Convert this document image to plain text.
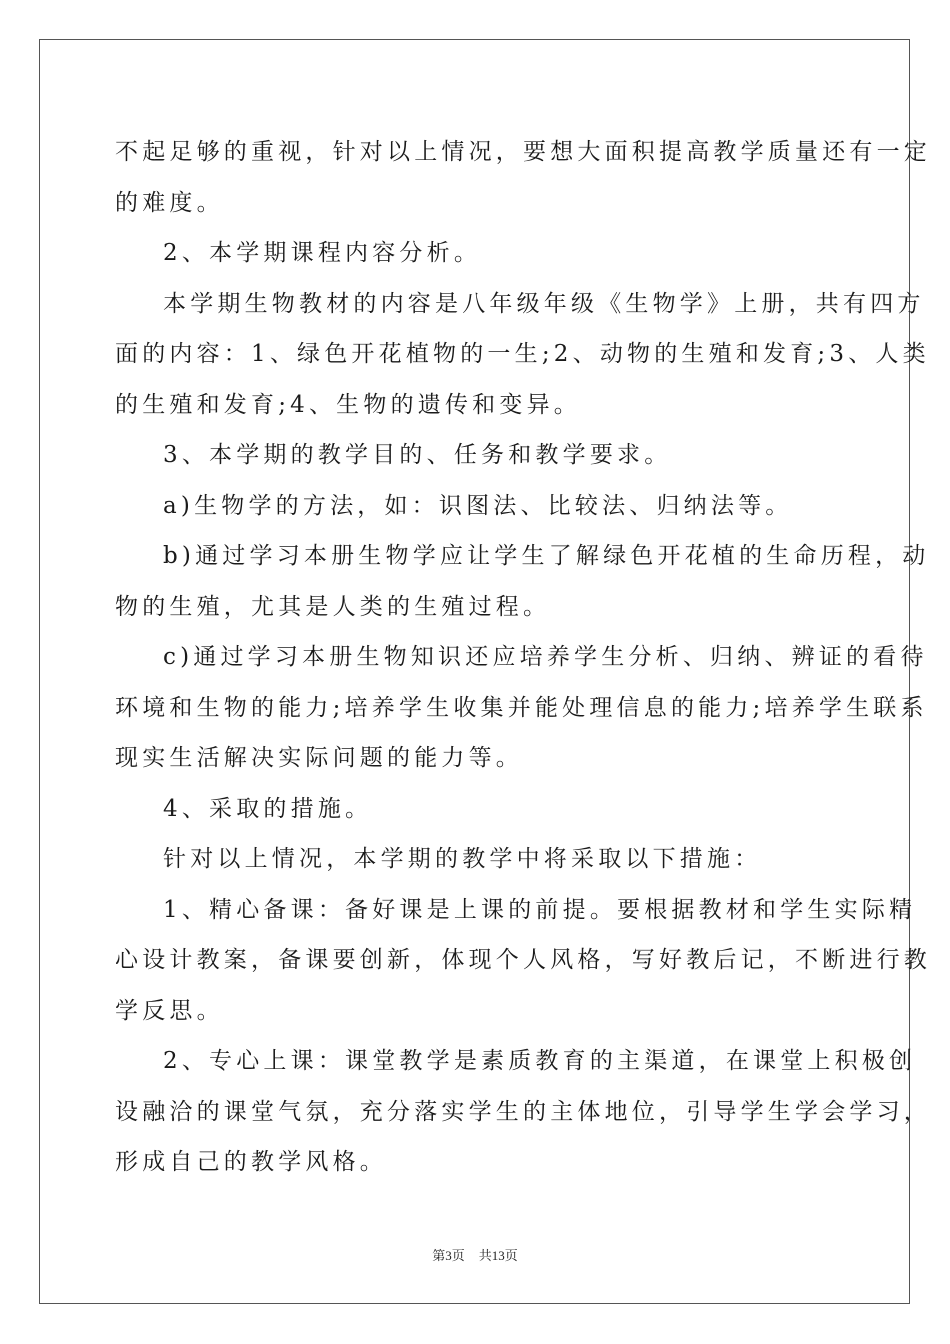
不起足够的重视，针对以上情况，要想大面积提高教学质量还有一定
的难度。
2、本学期课程内容分析。
本学期生物教材的内容是八年级年级《生物学》上册，共有四方
面的内容：1、绿色开花植物的一生;2、动物的生殖和发育;3、人类
的生殖和发育;4、生物的遗传和变异。
3、本学期的教学目的、任务和教学要求。
a)生物学的方法，如：识图法、比较法、归纳法等。
b)通过学习本册生物学应让学生了解绿色开花植的生命历程，动
物的生殖，尤其是人类的生殖过程。
c)通过学习本册生物知识还应培养学生分析、归纳、辨证的看待
环境和生物的能力;培养学生收集并能处理信息的能力;培养学生联系
现实生活解决实际问题的能力等。
4、采取的措施。
针对以上情况，本学期的教学中将采取以下措施：
1、精心备课：备好课是上课的前提。要根据教材和学生实际精
心设计教案，备课要创新，体现个人风格，写好教后记，不断进行教
学反思。
2、专心上课：课堂教学是素质教育的主渠道，在课堂上积极创
设融洽的课堂气氛，充分落实学生的主体地位，引导学生学会学习，
形成自己的教学风格。
第3页 共13页
